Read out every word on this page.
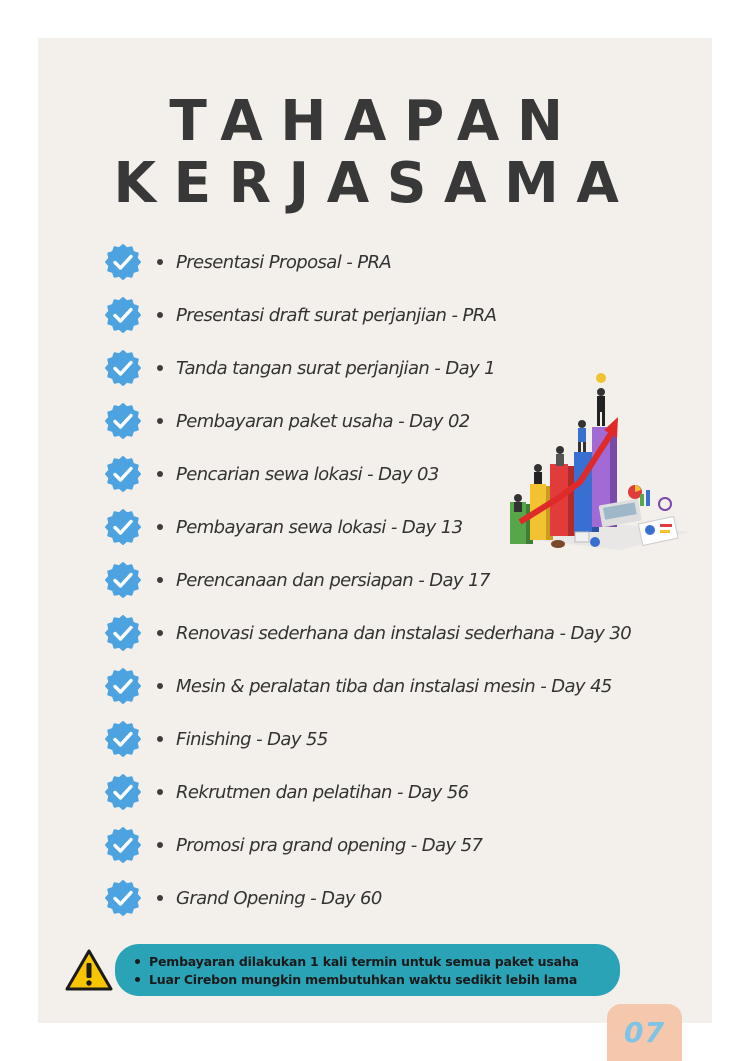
TAHAPAN
KERJASAMA
Presentasi Proposal - PRA
Presentasi draft surat perjanjian - PRA
Tanda tangan surat perjanjian - Day 1
Pembayaran paket usaha - Day 02
Pencarian sewa lokasi - Day 03
Pembayaran sewa lokasi - Day 13
Perencanaan dan persiapan - Day 17
Renovasi sederhana dan instalasi sederhana - Day 30
Mesin & peralatan tiba dan instalasi mesin - Day 45
Finishing - Day 55
Rekrutmen dan pelatihan - Day 56
Promosi pra grand opening - Day 57
Grand Opening - Day 60
Pembayaran dilakukan 1 kali termin untuk semua paket usaha
Luar Cirebon mungkin membutuhkan waktu sedikit lebih lama
07
